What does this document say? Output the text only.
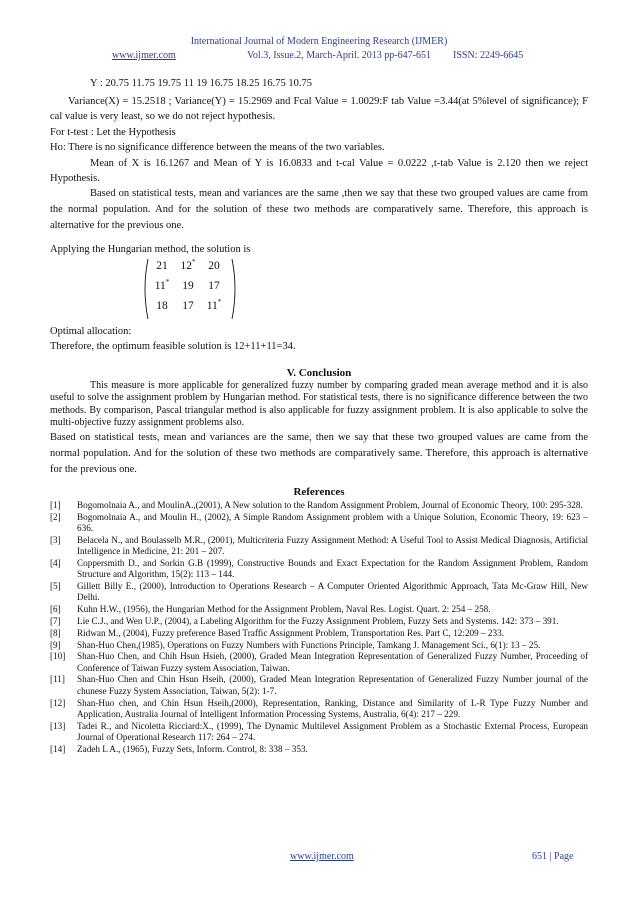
International Journal of Modern Engineering Research (IJMER)
www.ijmer.com	Vol.3, Issue.2, March-April. 2013 pp-647-651 ISSN: 2249-6645
Y : 20.75 11.75 19.75 11 19 16.75 18.25 16.75 10.75
Variance(X) = 15.2518 ; Variance(Y) = 15.2969 and Fcal Value = 1.0029:F tab Value =3.44(at 5%level of significance); F cal value is very least, so we do not reject hypothesis.
For t-test : Let the Hypothesis
Ho: There is no significance difference between the means of the two variables.
Mean of X is 16.1267 and Mean of Y is 16.0833 and t-cal Value = 0.0222 ,t-tab Value is 2.120 then we reject Hypothesis.
Based on statistical tests, mean and variances are the same ,then we say that these two grouped values are came from the normal population. And for the solution of these two methods are comparatively same. Therefore, this approach is alternative for the previous one.
Applying the Hungarian method, the solution is
21	12*	20
11*	19	17
18	17	11*
Optimal allocation:
Therefore, the optimum feasible solution is 12+11+11=34.
V. Conclusion
This measure is more applicable for generalized fuzzy number by comparing graded mean average method and it is also useful to solve the assignment problem by Hungarian method. For statistical tests, there is no significance difference between the two methods. By comparison, Pascal triangular method is also applicable for fuzzy assignment problem. It is also applicable to solve the multi-objective fuzzy assignment problems also.
Based on statistical tests, mean and variances are the same, then we say that these two grouped values are came from the normal population. And for the solution of these two methods are comparatively same. Therefore, this approach is alternative for the previous one.
References
[1] Bogomolnaia A., and MoulinA.,(2001), A New solution to the Random Assignment Problem, Journal of Economic Theory, 100: 295-328.
[2] Bogomolnaia A., and Moulin H., (2002), A Simple Random Assignment problem with a Unique Solution, Economic Theory, 19: 623 – 636.
[3] Belacela N., and Boulasselb M.R., (2001), Multicriteria Fuzzy Assignment Method: A Useful Tool to Assist Medical Diagnosis, Artificial Intelligence in Medicine, 21: 201 – 207.
[4] Coppersmith D., and Sorkin G.B (1999), Constructive Bounds and Exact Expectation for the Random Assignment Problem, Random Structure and Algorithm, 15(2): 113 – 144.
[5] Gillett Billy E., (2000), Introduction to Operations Research – A Computer Oriented Algorithmic Approach, Tata Mc-Graw Hill, New Delhi.
[6] Kuhn H.W., (1956), the Hungarian Method for the Assignment Problem, Naval Res. Logist. Quart. 2: 254 – 258.
[7] Lie C.J., and Wen U.P., (2004), a Labeling Algorithm for the Fuzzy Assignment Problem, Fuzzy Sets and Systems. 142: 373 – 391.
[8] Ridwan M., (2004), Fuzzy preference Based Traffic Assignment Problem, Transportation Res. Part C, 12:209 – 233.
[9] Shan-Huo Chen,(1985), Operations on Fuzzy Numbers with Functions Principle, Tamkang J. Management Sci., 6(1): 13 – 25.
[10] Shan-Huo Chen, and Chih Hsun Hsieh, (2000), Graded Mean Integration Representation of Generalized Fuzzy Number, Proceeding of Conference of Taiwan Fuzzy system Association, Taiwan.
[11] Shan-Huo Chen and Chin Hsun Hseih, (2000), Graded Mean Integration Representation of Generalized Fuzzy Number journal of the chunese Fuzzy System Association, Taiwan, 5(2): 1-7.
[12] Shan-Huo chen, and Chin Hsun Hseih,(2000), Representation, Ranking, Distance and Similarity of L-R Type Fuzzy Number and Application, Australia Journal of Intelligent Information Processing Systems, Australia, 6(4): 217 – 229.
[13] Tadei R., and Nicoletta Ricciard:X., (1999), The Dynamic Multilevel Assignment Problem as a Stochastic External Process, European Journal of Operational Research 117: 264 – 274.
[14] Zadeh L A., (1965), Fuzzy Sets, Inform. Control, 8: 338 – 353.
www.ijmer.com	651 | Page
